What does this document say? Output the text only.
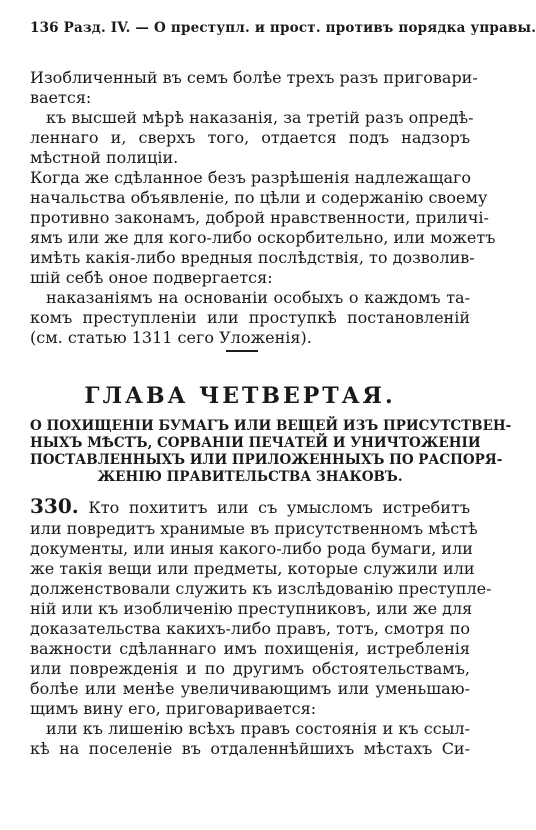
136 Разд. IV. — О преступл. и прост. противъ порядка управы.
Изобличенный въ семъ болѣе трехъ разъ приговари-
вается:
къ высшей мѣрѣ наказанія, за третій разъ опредѣ-
леннаго и, сверхъ того, отдается подъ надзоръ
мѣстной полиціи.
Когда же сдѣланное безъ разрѣшенія надлежащаго
начальства объявленіе, по цѣли и содержанію своему
противно законамъ, доброй нравственности, приличі-
ямъ или же для кого-либо оскорбительно, или можетъ
имѣть какія-либо вредныя послѣдствія, то дозволив-
шій себѣ оное подвергается:
наказаніямъ на основаніи особыхъ о каждомъ та-
комъ преступленіи или проступкѣ постановленій
(см. статью 1311 сего Уложенія).
ГЛАВА ЧЕТВЕРТАЯ.
О ПОХИЩЕНІИ БУМАГЪ ИЛИ ВЕЩЕЙ ИЗЪ ПРИСУТСТВЕН-
НЫХЪ МѢСТЪ, СОРВАНІИ ПЕЧАТЕЙ И УНИЧТОЖЕНІИ
ПОСТАВЛЕННЫХЪ ИЛИ ПРИЛОЖЕННЫХЪ ПО РАСПОРЯ-
ЖЕНІЮ ПРАВИТЕЛЬСТВА ЗНАКОВЪ.
330. Кто похититъ или съ умысломъ истребитъ
или повредитъ хранимые въ присутственномъ мѣстѣ
документы, или иныя какого-либо рода бумаги, или
же такія вещи или предметы, которые служили или
долженствовали служить къ изслѣдованію преступле-
ній или къ изобличенію преступниковъ, или же для
доказательства какихъ-либо правъ, тотъ, смотря по
важности сдѣланнаго имъ похищенія, истребленія
или поврежденія и по другимъ обстоятельствамъ,
болѣе или менѣе увеличивающимъ или уменьшаю-
щимъ вину его, приговаривается:
или къ лишенію всѣхъ правъ состоянія и къ ссыл-
кѣ на поселеніе въ отдаленнѣйшихъ мѣстахъ Си-
